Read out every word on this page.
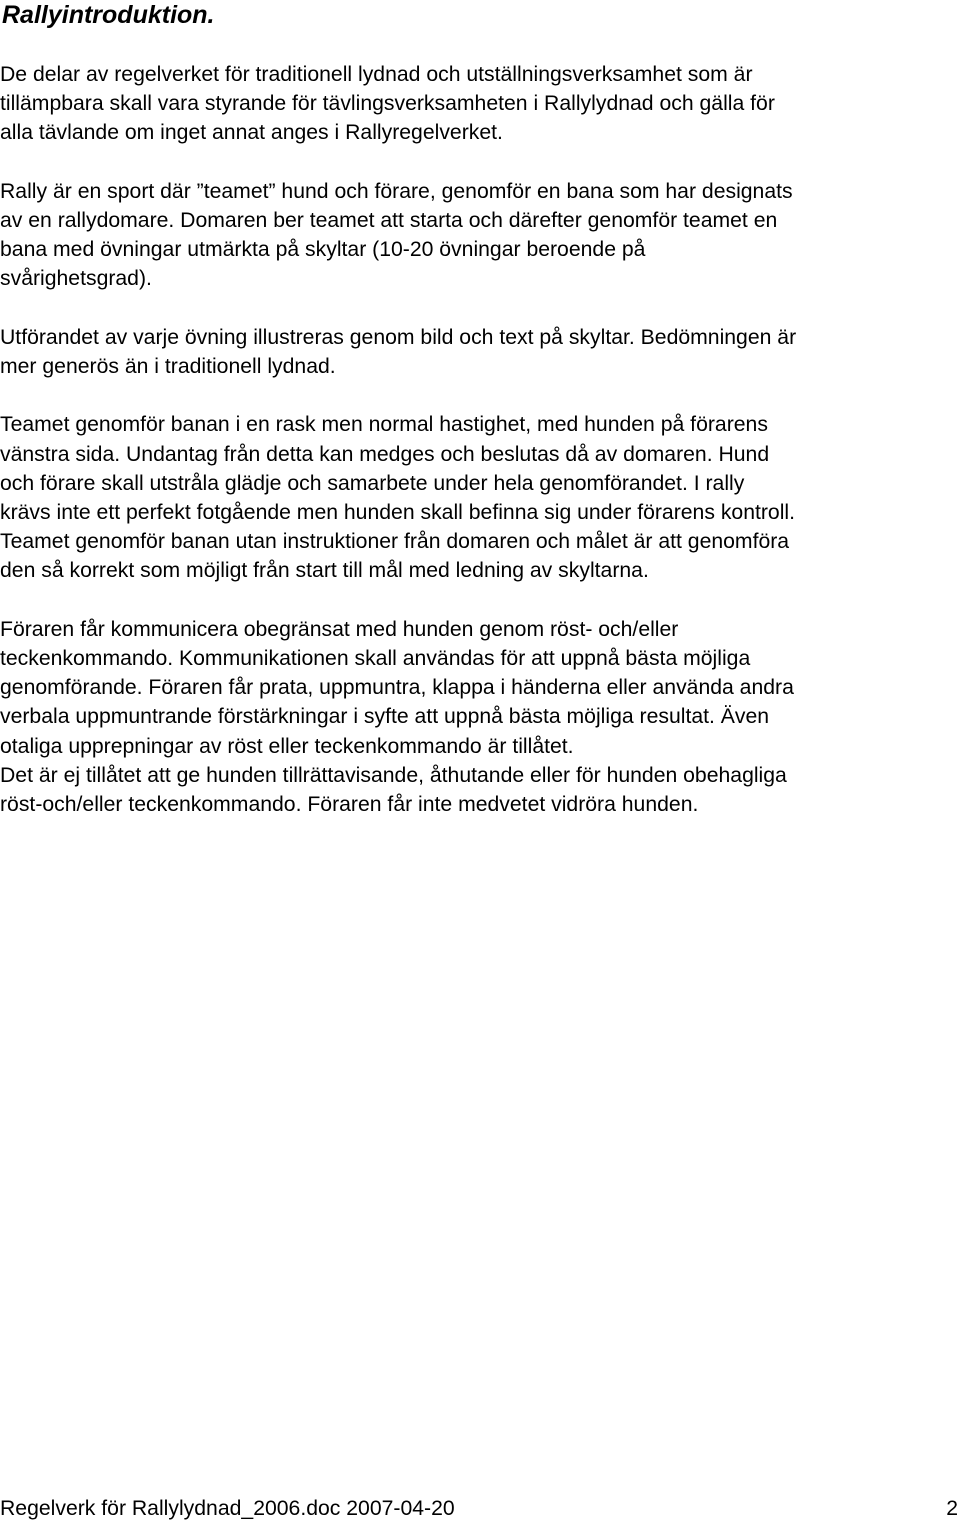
Rallyintroduktion.

De delar av regelverket för traditionell lydnad och utställningsverksamhet som är
tillämpbara skall vara styrande för tävlingsverksamheten i Rallylydnad och gälla för
alla tävlande om inget annat anges i Rallyregelverket.

Rally är en sport där ”teamet” hund och förare, genomför en bana som har designats
av en rallydomare. Domaren ber teamet att starta och därefter genomför teamet en
bana med övningar utmärkta på skyltar (10-20 övningar beroende på
svårighetsgrad).

Utförandet av varje övning illustreras genom bild och text på skyltar. Bedömningen är
mer generös än i traditionell lydnad.

Teamet genomför banan i en rask men normal hastighet, med hunden på förarens
vänstra sida. Undantag från detta kan medges och beslutas då av domaren. Hund
och förare skall utstråla glädje och samarbete under hela genomförandet. I rally
krävs inte ett perfekt fotgående men hunden skall befinna sig under förarens kontroll.
Teamet genomför banan utan instruktioner från domaren och målet är att genomföra
den så korrekt som möjligt från start till mål med ledning av skyltarna.

Föraren får kommunicera obegränsat med hunden genom röst- och/eller
teckenkommando. Kommunikationen skall användas för att uppnå bästa möjliga
genomförande. Föraren får prata, uppmuntra, klappa i händerna eller använda andra
verbala uppmuntrande förstärkningar i syfte att uppnå bästa möjliga resultat. Även
otaliga upprepningar av röst eller teckenkommando är tillåtet.

Det är ej tillåtet att ge hunden tillrättavisande, åthutande eller för hunden obehagliga
röst-och/eller teckenkommando. Föraren får inte medvetet vidröra hunden.

Regelverk för Rallylydnad_2006.doc 2007-04-20	2
